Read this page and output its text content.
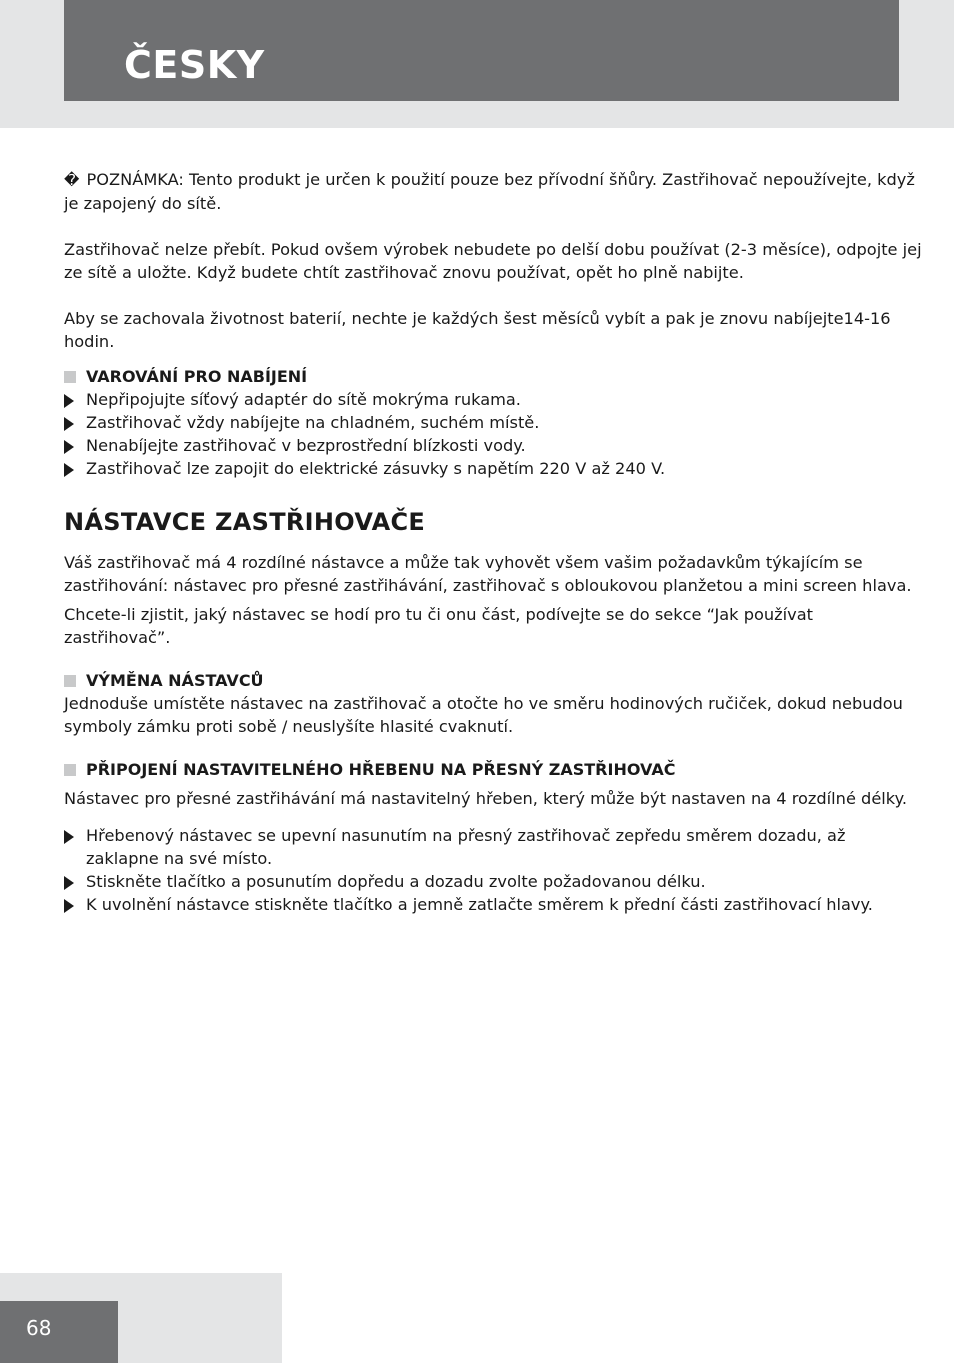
ČESKY

� POZNÁMKA: Tento produkt je určen k použití pouze bez přívodní šňůry. Zastřihovač nepoužívejte, když je zapojený do sítě.

Zastřihovač nelze přebít. Pokud ovšem výrobek nebudete po delší dobu používat (2-3 měsíce), odpojte jej ze sítě a uložte. Když budete chtít zastřihovač znovu používat, opět ho plně nabijte.

Aby se zachovala životnost baterií, nechte je každých šest měsíců vybít a pak je znovu nabíjejte14-16 hodin.

VAROVÁNÍ PRO NABÍJENÍ
Nepřipojujte síťový adaptér do sítě mokrýma rukama.
Zastřihovač vždy nabíjejte na chladném, suchém místě.
Nenabíjejte zastřihovač v bezprostřední blízkosti vody.
Zastřihovač lze zapojit do elektrické zásuvky s napětím 220 V až 240 V.
NÁSTAVCE ZASTŘIHOVAČE

Váš zastřihovač má 4 rozdílné nástavce a může tak vyhovět všem vašim požadavkům týkajícím se zastřihování: nástavec pro přesné zastřihávání, zastřihovač s obloukovou planžetou a mini screen hlava.

Chcete-li zjistit, jaký nástavec se hodí pro tu či onu část, podívejte se do sekce “Jak používat zastřihovač”.

VÝMĚNA NÁSTAVCŮ

Jednoduše umístěte nástavec na zastřihovač a otočte ho ve směru hodinových ručiček, dokud nebudou symboly zámku proti sobě / neuslyšíte hlasité cvaknutí.

PŘIPOJENÍ NASTAVITELNÉHO HŘEBENU NA PŘESNÝ ZASTŘIHOVAČ

Nástavec pro přesné zastřihávání má nastavitelný hřeben, který může být nastaven na 4 rozdílné délky.

Hřebenový nástavec se upevní nasunutím na přesný zastřihovač zepředu směrem dozadu, až zaklapne na své místo.
Stiskněte tlačítko a posunutím dopředu a dozadu zvolte požadovanou délku.
K uvolnění nástavce stiskněte tlačítko a jemně zatlačte směrem k přední části zastřihovací hlavy.
68
